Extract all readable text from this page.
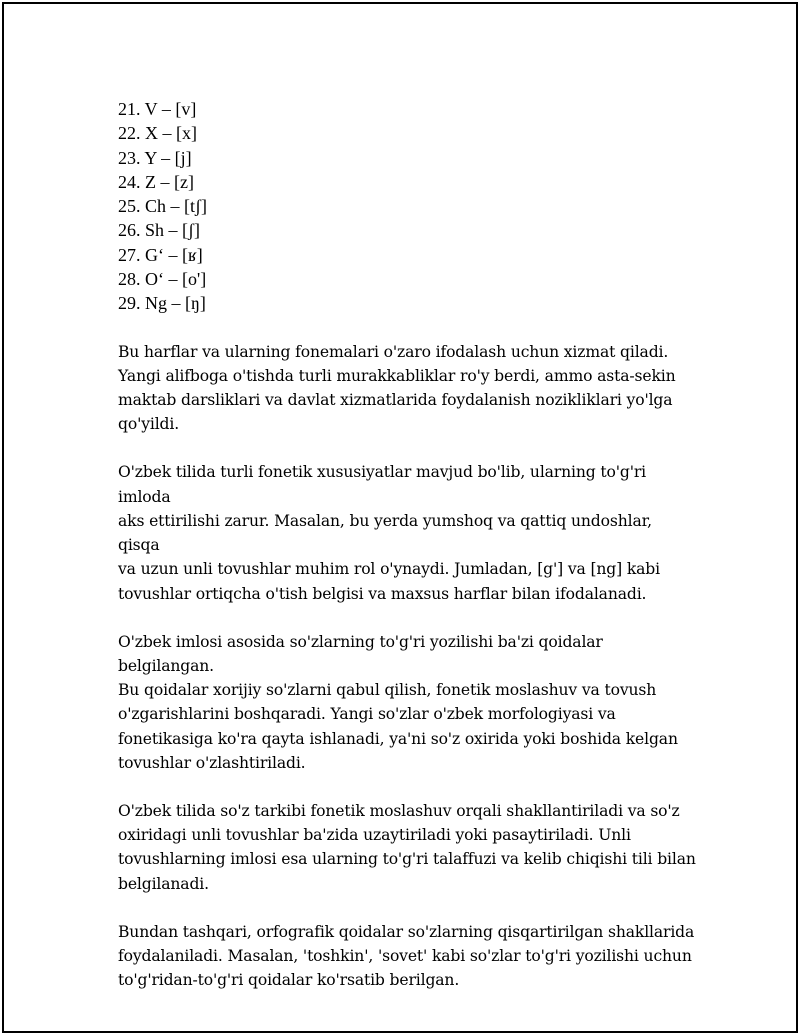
21. V – [v]
22. X – [x]
23. Y – [j]
24. Z – [z]
25. Ch – [tʃ]
26. Sh – [ʃ]
27. G‘ – [ʁ]
28. O‘ – [o']
29. Ng – [ŋ]

Bu harflar va ularning fonemalari o'zaro ifodalash uchun xizmat qiladi.
Yangi alifboga o'tishda turli murakkabliklar ro'y berdi, ammo asta-sekin
maktab darsliklari va davlat xizmatlarida foydalanish nozikliklari yo'lga
qo'yildi.

O'zbek tilida turli fonetik xususiyatlar mavjud bo'lib, ularning to'g'ri imloda
aks ettirilishi zarur. Masalan, bu yerda yumshoq va qattiq undoshlar, qisqa
va uzun unli tovushlar muhim rol o'ynaydi. Jumladan, [g'] va [ng] kabi
tovushlar ortiqcha o'tish belgisi va maxsus harflar bilan ifodalanadi.

O'zbek imlosi asosida so'zlarning to'g'ri yozilishi ba'zi qoidalar belgilangan.
Bu qoidalar xorijiy so'zlarni qabul qilish, fonetik moslashuv va tovush
o'zgarishlarini boshqaradi. Yangi so'zlar o'zbek morfologiyasi va
fonetikasiga ko'ra qayta ishlanadi, ya'ni so'z oxirida yoki boshida kelgan
tovushlar o'zlashtiriladi.

O'zbek tilida so'z tarkibi fonetik moslashuv orqali shakllantiriladi va so'z
oxiridagi unli tovushlar ba'zida uzaytiriladi yoki pasaytiriladi. Unli
tovushlarning imlosi esa ularning to'g'ri talaffuzi va kelib chiqishi tili bilan
belgilanadi.

Bundan tashqari, orfografik qoidalar so'zlarning qisqartirilgan shakllarida
foydalaniladi. Masalan, 'toshkin', 'sovet' kabi so'zlar to'g'ri yozilishi uchun
to'g'ridan-to'g'ri qoidalar ko'rsatib berilgan.
